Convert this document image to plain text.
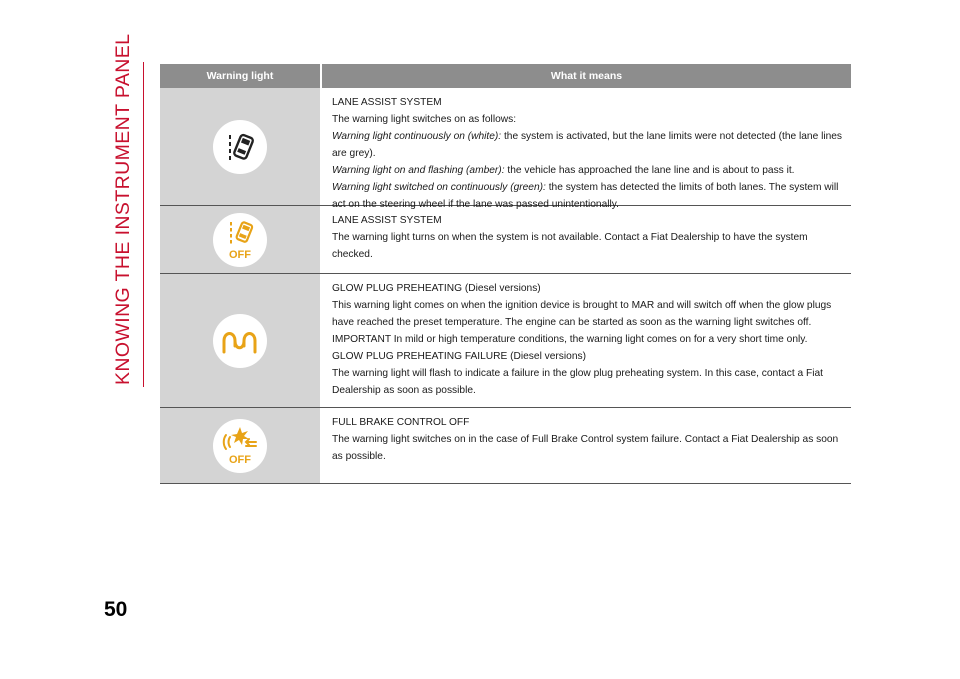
KNOWING THE INSTRUMENT PANEL	Warning light	What it means
LANE ASSIST SYSTEM
The warning light switches on as follows:
Warning light continuously on (white): the system is activated, but the lane limits were not detected (the lane lines are grey).
Warning light on and flashing (amber): the vehicle has approached the lane line and is about to pass it.
Warning light switched on continuously (green): the system has detected the limits of both lanes. The system will act on the steering wheel if the lane was passed unintentionally.
OFF
LANE ASSIST SYSTEM
The warning light turns on when the system is not available. Contact a Fiat Dealership to have the system checked.
GLOW PLUG PREHEATING (Diesel versions)
This warning light comes on when the ignition device is brought to MAR and will switch off when the glow plugs have reached the preset temperature. The engine can be started as soon as the warning light switches off.
IMPORTANT In mild or high temperature conditions, the warning light comes on for a very short time only.
GLOW PLUG PREHEATING FAILURE (Diesel versions)
The warning light will flash to indicate a failure in the glow plug preheating system. In this case, contact a Fiat Dealership as soon as possible.
OFF
FULL BRAKE CONTROL OFF
The warning light switches on in the case of Full Brake Control system failure. Contact a Fiat Dealership as soon as possible.
50
